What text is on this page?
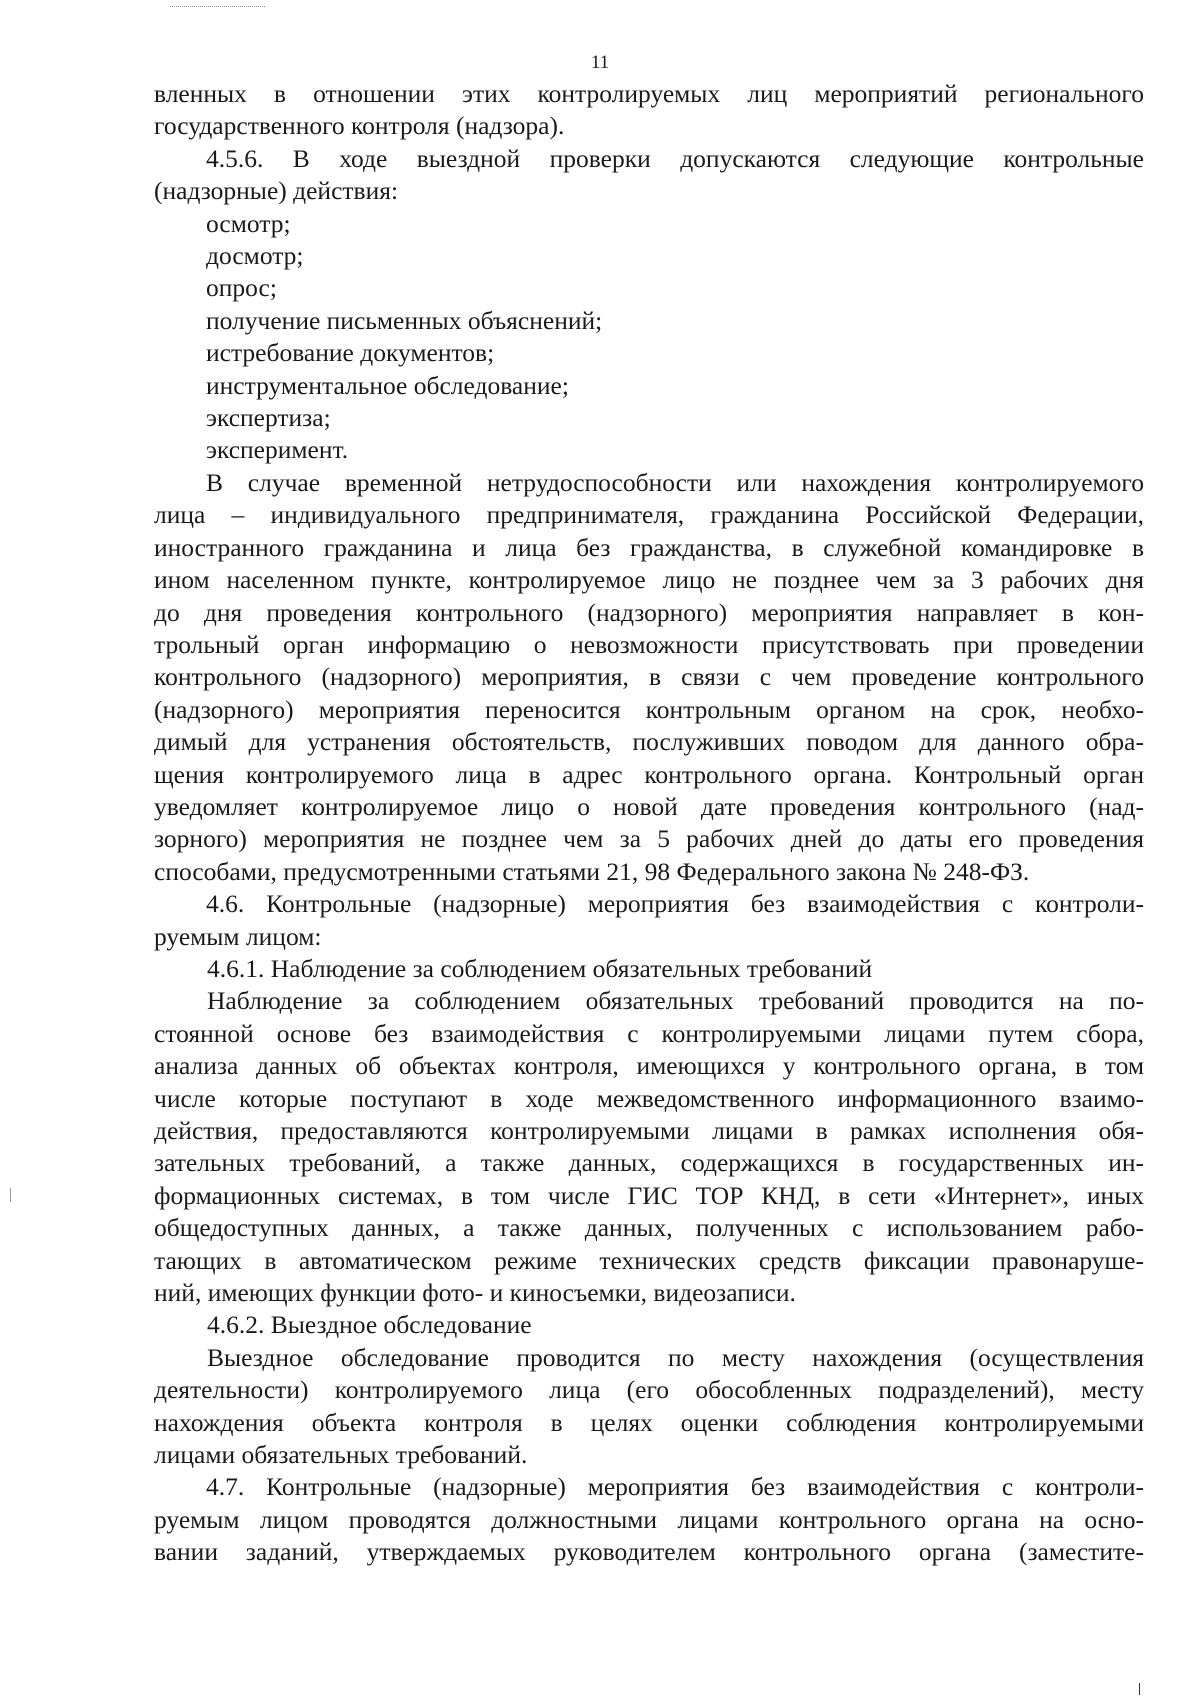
11
вленных в отношении этих контролируемых лиц мероприятий регионального
государственного контроля (надзора).
4.5.6. В ходе выездной проверки допускаются следующие контрольные
(надзорные) действия:
осмотр;
досмотр;
опрос;
получение письменных объяснений;
истребование документов;
инструментальное обследование;
экспертиза;
эксперимент.
В случае временной нетрудоспособности или нахождения контролируемого
лица – индивидуального предпринимателя, гражданина Российской Федерации,
иностранного гражданина и лица без гражданства, в служебной командировке в
ином населенном пункте, контролируемое лицо не позднее чем за 3 рабочих дня
до дня проведения контрольного (надзорного) мероприятия направляет в кон-
трольный орган информацию о невозможности присутствовать при проведении
контрольного (надзорного) мероприятия, в связи с чем проведение контрольного
(надзорного) мероприятия переносится контрольным органом на срок, необхо-
димый для устранения обстоятельств, послуживших поводом для данного обра-
щения контролируемого лица в адрес контрольного органа. Контрольный орган
уведомляет контролируемое лицо о новой дате проведения контрольного (над-
зорного) мероприятия не позднее чем за 5 рабочих дней до даты его проведения
способами, предусмотренными статьями 21, 98 Федерального закона № 248-ФЗ.
4.6. Контрольные (надзорные) мероприятия без взаимодействия с контроли-
руемым лицом:
4.6.1. Наблюдение за соблюдением обязательных требований
Наблюдение за соблюдением обязательных требований проводится на по-
стоянной основе без взаимодействия с контролируемыми лицами путем сбора,
анализа данных об объектах контроля, имеющихся у контрольного органа, в том
числе которые поступают в ходе межведомственного информационного взаимо-
действия, предоставляются контролируемыми лицами в рамках исполнения обя-
зательных требований, а также данных, содержащихся в государственных ин-
формационных системах, в том числе ГИС ТОР КНД, в сети «Интернет», иных
общедоступных данных, а также данных, полученных с использованием рабо-
тающих в автоматическом режиме технических средств фиксации правонаруше-
ний, имеющих функции фото- и киносъемки, видеозаписи.
4.6.2. Выездное обследование
Выездное обследование проводится по месту нахождения (осуществления
деятельности) контролируемого лица (его обособленных подразделений), месту
нахождения объекта контроля в целях оценки соблюдения контролируемыми
лицами обязательных требований.
4.7. Контрольные (надзорные) мероприятия без взаимодействия с контроли-
руемым лицом проводятся должностными лицами контрольного органа на осно-
вании заданий, утверждаемых руководителем контрольного органа (заместите-
